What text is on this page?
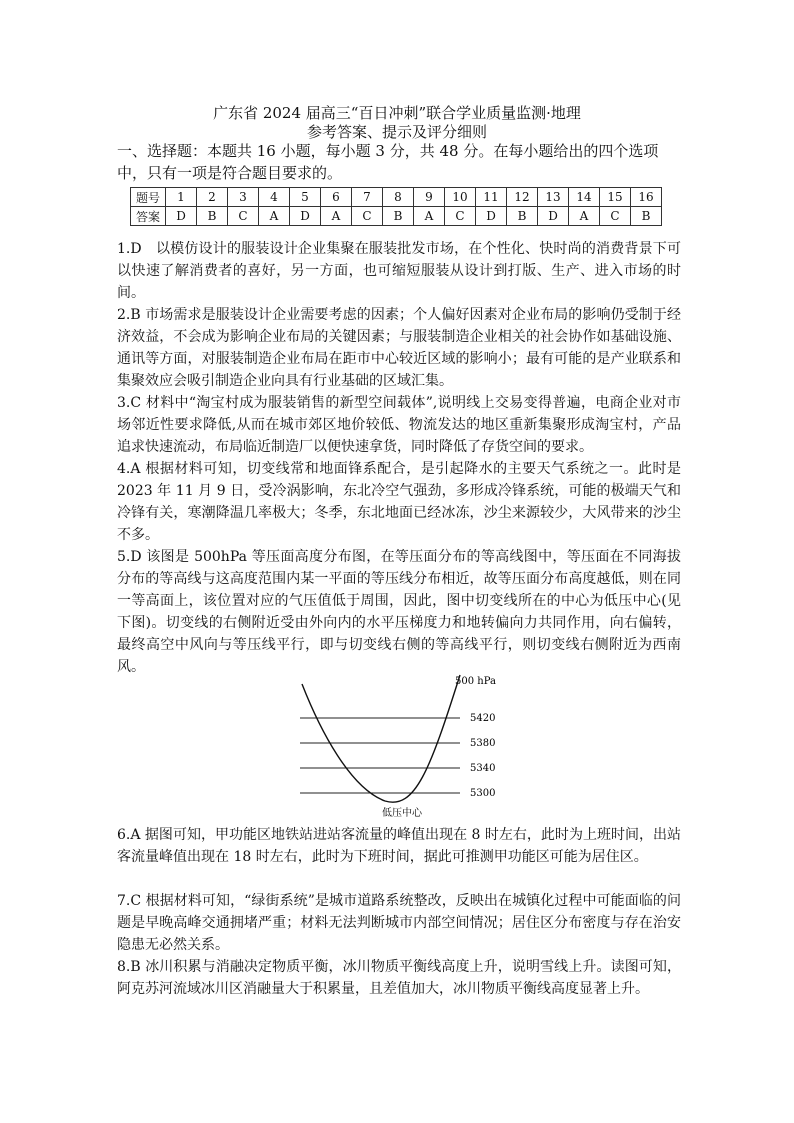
广东省 2024 届高三“百日冲刺”联合学业质量监测·地理
参考答案、提示及评分细则
一、选择题：本题共 16 小题，每小题 3 分，共 48 分。在每小题给出的四个选项中，只有一项是符合题目要求的。
题号	1	2	3	4	5	6	7	8	9	10	11	12	13	14	15	16
答案	D	B	C	A	D	A	C	B	A	C	D	B	D	A	C	B
1.D　以模仿设计的服装设计企业集聚在服装批发市场，在个性化、快时尚的消费背景下可以快速了解消费者的喜好，另一方面，也可缩短服装从设计到打版、生产、进入市场的时间。
2.B 市场需求是服装设计企业需要考虑的因素；个人偏好因素对企业布局的影响仍受制于经济效益，不会成为影响企业布局的关键因素；与服装制造企业相关的社会协作如基础设施、通讯等方面，对服装制造企业布局在距市中心较近区域的影响小；最有可能的是产业联系和集聚效应会吸引制造企业向具有行业基础的区域汇集。
3.C 材料中“淘宝村成为服装销售的新型空间载体”,说明线上交易变得普遍，电商企业对市场邻近性要求降低,从而在城市郊区地价较低、物流发达的地区重新集聚形成淘宝村，产品追求快速流动，布局临近制造厂以便快速拿货，同时降低了存货空间的要求。
4.A 根据材料可知，切变线常和地面锋系配合，是引起降水的主要天气系统之一。此时是 2023 年 11 月 9 日，受冷涡影响，东北冷空气强劲，多形成冷锋系统，可能的极端天气和冷锋有关，寒潮降温几率极大；冬季，东北地面已经冰冻，沙尘来源较少，大风带来的沙尘不多。
5.D 该图是 500hPa 等压面高度分布图，在等压面分布的等高线图中，等压面在不同海拔分布的等高线与这高度范围内某一平面的等压线分布相近，故等压面分布高度越低，则在同一等高面上，该位置对应的气压值低于周围，因此，图中切变线所在的中心为低压中心(见下图)。切变线的右侧附近受由外向内的水平压梯度力和地转偏向力共同作用，向右偏转，最终高空中风向与等压线平行，即与切变线右侧的等高线平行，则切变线右侧附近为西南风。
500 hPa
5420
5380
5340
5300
低压中心
6.A 据图可知，甲功能区地铁站进站客流量的峰值出现在 8 时左右，此时为上班时间，出站客流量峰值出现在 18 时左右，此时为下班时间，据此可推测甲功能区可能为居住区。
7.C 根据材料可知，“绿街系统”是城市道路系统整改，反映出在城镇化过程中可能面临的问题是早晚高峰交通拥堵严重；材料无法判断城市内部空间情况；居住区分布密度与存在治安隐患无必然关系。
8.B 冰川积累与消融决定物质平衡，冰川物质平衡线高度上升，说明雪线上升。读图可知，阿克苏河流域冰川区消融量大于积累量，且差值加大，冰川物质平衡线高度显著上升。
